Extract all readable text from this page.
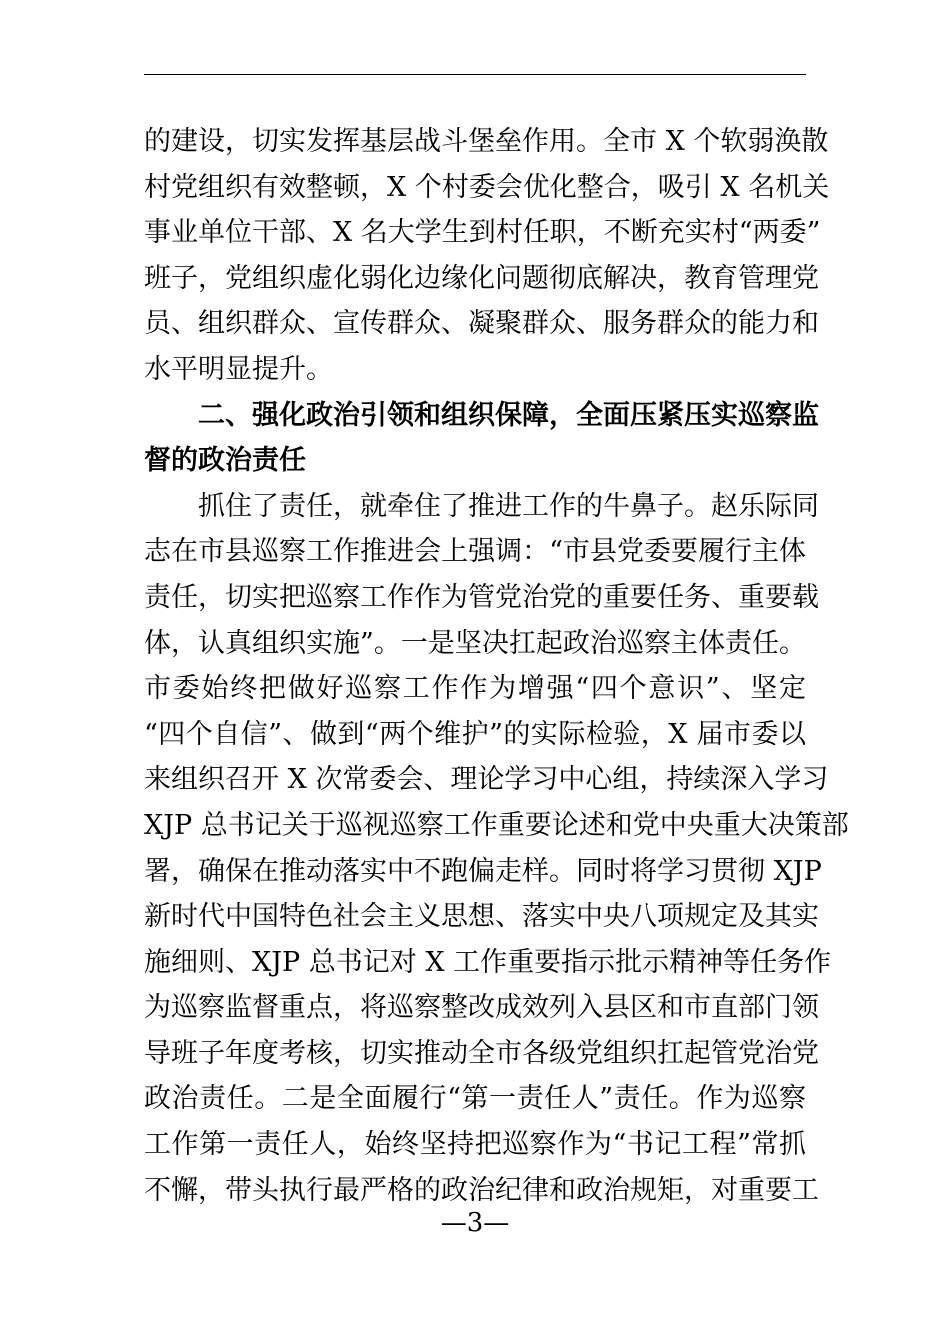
的建设，切实发挥基层战斗堡垒作用。全市 X 个软弱涣散
村党组织有效整顿，X 个村委会优化整合，吸引 X 名机关
事业单位干部、X 名大学生到村任职，不断充实村“两委”
班子，党组织虚化弱化边缘化问题彻底解决，教育管理党
员、组织群众、宣传群众、凝聚群众、服务群众的能力和
水平明显提升。
二、强化政治引领和组织保障，全面压紧压实巡察监
督的政治责任
抓住了责任，就牵住了推进工作的牛鼻子。赵乐际同
志在市县巡察工作推进会上强调：“市县党委要履行主体
责任，切实把巡察工作作为管党治党的重要任务、重要载
体，认真组织实施”。一是坚决扛起政治巡察主体责任。
市委始终把做好巡察工作作为增强“四个意识”、坚定
“四个自信”、做到“两个维护”的实际检验，X 届市委以
来组织召开 X 次常委会、理论学习中心组，持续深入学习
XJP 总书记关于巡视巡察工作重要论述和党中央重大决策部
署，确保在推动落实中不跑偏走样。同时将学习贯彻 XJP
新时代中国特色社会主义思想、落实中央八项规定及其实
施细则、XJP 总书记对 X 工作重要指示批示精神等任务作
为巡察监督重点，将巡察整改成效列入县区和市直部门领
导班子年度考核，切实推动全市各级党组织扛起管党治党
政治责任。二是全面履行“第一责任人”责任。作为巡察
工作第一责任人，始终坚持把巡察作为“书记工程”常抓
不懈，带头执行最严格的政治纪律和政治规矩，对重要工
—3—
